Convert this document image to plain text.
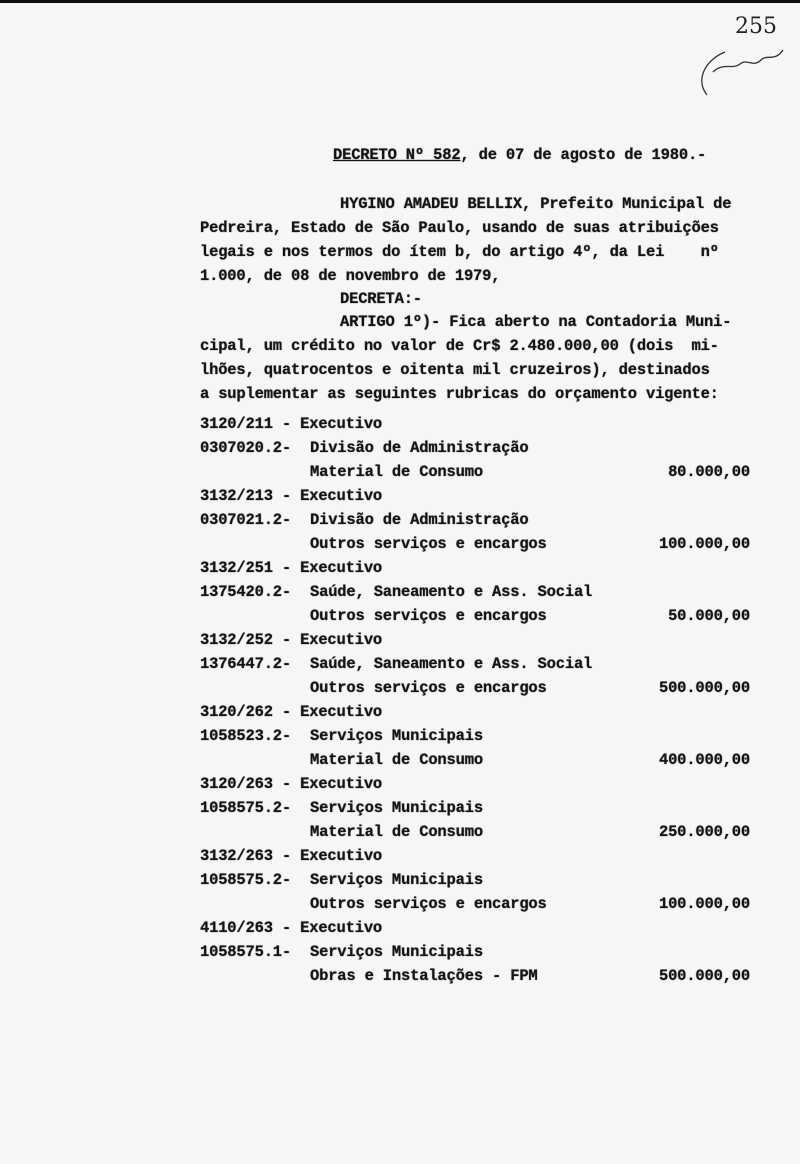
255
DECRETO Nº 582, de 07 de agosto de 1980.-
HYGINO AMADEU BELLIX, Prefeito Municipal de
Pedreira, Estado de São Paulo, usando de suas atribuições
legais e nos termos do ítem b, do artigo 4º, da Lei    nº
1.000, de 08 de novembro de 1979,
DECRETA:-
ARTIGO 1º)- Fica aberto na Contadoria Muni-
cipal, um crédito no valor de Cr$ 2.480.000,00 (dois  mi-
lhões, quatrocentos e oitenta mil cruzeiros), destinados
a suplementar as seguintes rubricas do orçamento vigente:
3120/211 - Executivo
0307020.2- Divisão de Administração
Material de Consumo	80.000,00
3132/213 - Executivo
0307021.2- Divisão de Administração
Outros serviços e encargos	100.000,00
3132/251 - Executivo
1375420.2- Saúde, Saneamento e Ass. Social
Outros serviços e encargos	50.000,00
3132/252 - Executivo
1376447.2- Saúde, Saneamento e Ass. Social
Outros serviços e encargos	500.000,00
3120/262 - Executivo
1058523.2- Serviços Municipais
Material de Consumo	400.000,00
3120/263 - Executivo
1058575.2- Serviços Municipais
Material de Consumo	250.000,00
3132/263 - Executivo
1058575.2- Serviços Municipais
Outros serviços e encargos	100.000,00
4110/263 - Executivo
1058575.1- Serviços Municipais
Obras e Instalações - FPM	500.000,00
